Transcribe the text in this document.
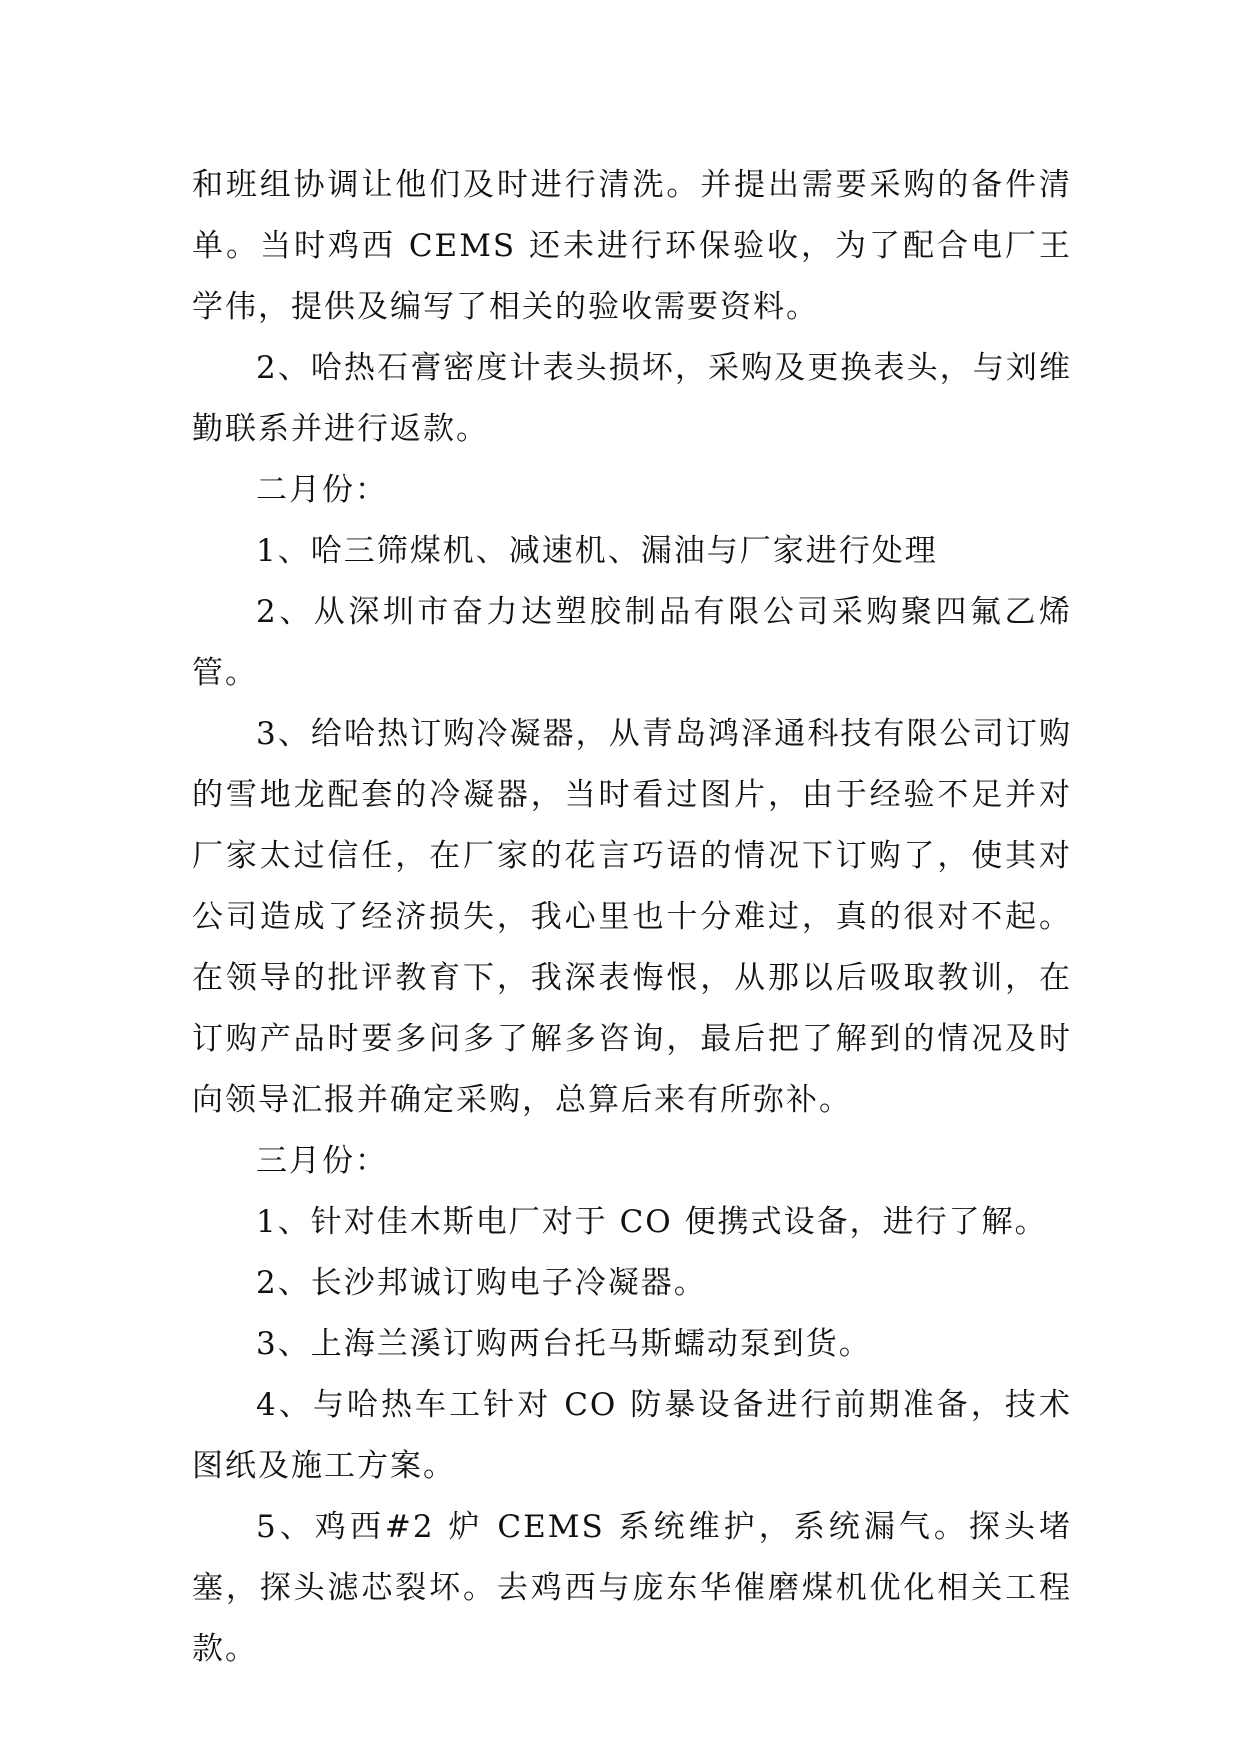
和班组协调让他们及时进行清洗。并提出需要采购的备件清单。当时鸡西 CEMS 还未进行环保验收，为了配合电厂王学伟，提供及编写了相关的验收需要资料。

2、哈热石膏密度计表头损坏，采购及更换表头，与刘维勤联系并进行返款。

二月份：

1、哈三筛煤机、减速机、漏油与厂家进行处理

2、从深圳市奋力达塑胶制品有限公司采购聚四氟乙烯管。

3、给哈热订购冷凝器，从青岛鸿泽通科技有限公司订购的雪地龙配套的冷凝器，当时看过图片，由于经验不足并对厂家太过信任，在厂家的花言巧语的情况下订购了，使其对公司造成了经济损失，我心里也十分难过，真的很对不起。在领导的批评教育下，我深表悔恨，从那以后吸取教训，在订购产品时要多问多了解多咨询，最后把了解到的情况及时向领导汇报并确定采购，总算后来有所弥补。

三月份：

1、针对佳木斯电厂对于 CO 便携式设备，进行了解。

2、长沙邦诚订购电子冷凝器。

3、上海兰溪订购两台托马斯蠕动泵到货。

4、与哈热车工针对 CO 防暴设备进行前期准备，技术图纸及施工方案。

5、鸡西#2 炉 CEMS 系统维护，系统漏气。探头堵塞，探头滤芯裂坏。去鸡西与庞东华催磨煤机优化相关工程款。
